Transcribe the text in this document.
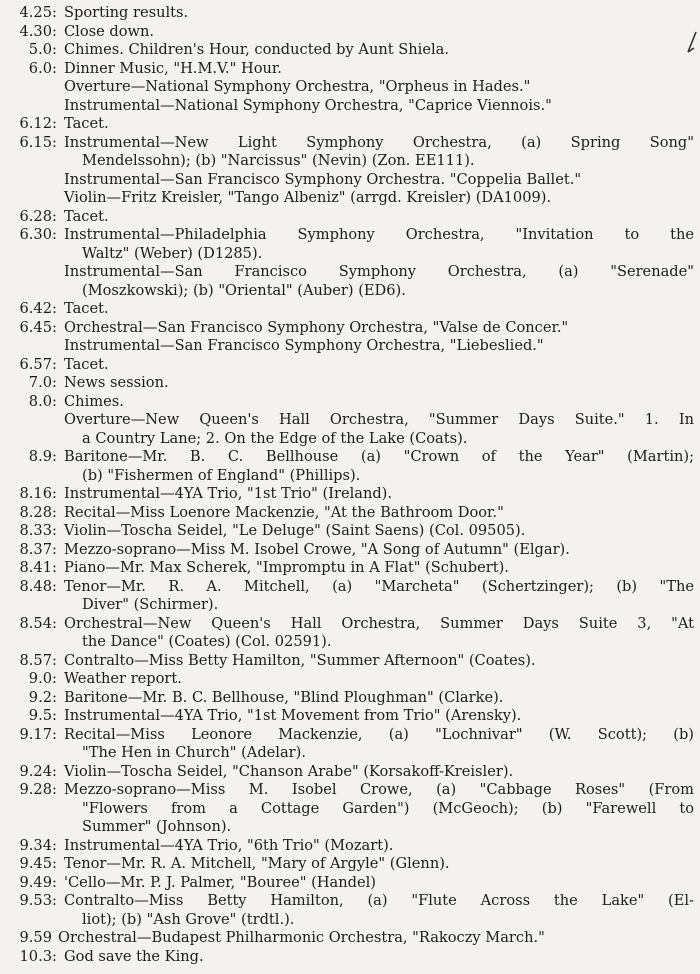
4.25: Sporting results.
4.30: Close down.
5.0: Chimes. Children's Hour, conducted by Aunt Shiela.
6.0: Dinner Music, "H.M.V." Hour.
Overture—National Symphony Orchestra, "Orpheus in Hades."
Instrumental—National Symphony Orchestra, "Caprice Viennois."
6.12: Tacet.
6.15: Instrumental—New Light Symphony Orchestra, (a) Spring Song"
Mendelssohn); (b) "Narcissus" (Nevin) (Zon. EE111).
Instrumental—San Francisco Symphony Orchestra. "Coppelia Ballet."
Violin—Fritz Kreisler, "Tango Albeniz" (arrgd. Kreisler) (DA1009).
6.28: Tacet.
6.30: Instrumental—Philadelphia Symphony Orchestra, "Invitation to the
Waltz" (Weber) (D1285).
Instrumental—San Francisco Symphony Orchestra, (a) "Serenade"
(Moszkowski); (b) "Oriental" (Auber) (ED6).
6.42: Tacet.
6.45: Orchestral—San Francisco Symphony Orchestra, "Valse de Concer."
Instrumental—San Francisco Symphony Orchestra, "Liebeslied."
6.57: Tacet.
7.0: News session.
8.0: Chimes.
Overture—New Queen's Hall Orchestra, "Summer Days Suite." 1. In
a Country Lane; 2. On the Edge of the Lake (Coats).
8.9: Baritone—Mr. B. C. Bellhouse (a) "Crown of the Year" (Martin);
(b) "Fishermen of England" (Phillips).
8.16: Instrumental—4YA Trio, "1st Trio" (Ireland).
8.28: Recital—Miss Loenore Mackenzie, "At the Bathroom Door."
8.33: Violin—Toscha Seidel, "Le Deluge" (Saint Saens) (Col. 09505).
8.37: Mezzo-soprano—Miss M. Isobel Crowe, "A Song of Autumn" (Elgar).
8.41: Piano—Mr. Max Scherek, "Impromptu in A Flat" (Schubert).
8.48: Tenor—Mr. R. A. Mitchell, (a) "Marcheta" (Schertzinger); (b) "The
Diver" (Schirmer).
8.54: Orchestral—New Queen's Hall Orchestra, Summer Days Suite 3, "At
the Dance" (Coates) (Col. 02591).
8.57: Contralto—Miss Betty Hamilton, "Summer Afternoon" (Coates).
9.0: Weather report.
9.2: Baritone—Mr. B. C. Bellhouse, "Blind Ploughman" (Clarke).
9.5: Instrumental—4YA Trio, "1st Movement from Trio" (Arensky).
9.17: Recital—Miss Leonore Mackenzie, (a) "Lochnivar" (W. Scott); (b)
"The Hen in Church" (Adelar).
9.24: Violin—Toscha Seidel, "Chanson Arabe" (Korsakoff-Kreisler).
9.28: Mezzo-soprano—Miss M. Isobel Crowe, (a) "Cabbage Roses" (From
"Flowers from a Cottage Garden") (McGeoch); (b) "Farewell to
Summer" (Johnson).
9.34: Instrumental—4YA Trio, "6th Trio" (Mozart).
9.45: Tenor—Mr. R. A. Mitchell, "Mary of Argyle" (Glenn).
9.49: 'Cello—Mr. P. J. Palmer, "Bouree" (Handel)
9.53: Contralto—Miss Betty Hamilton, (a) "Flute Across the Lake" (El-
liot); (b) "Ash Grove" (trdtl.).
9.59 Orchestral—Budapest Philharmonic Orchestra, "Rakoczy March."
10.3: God save the King.
